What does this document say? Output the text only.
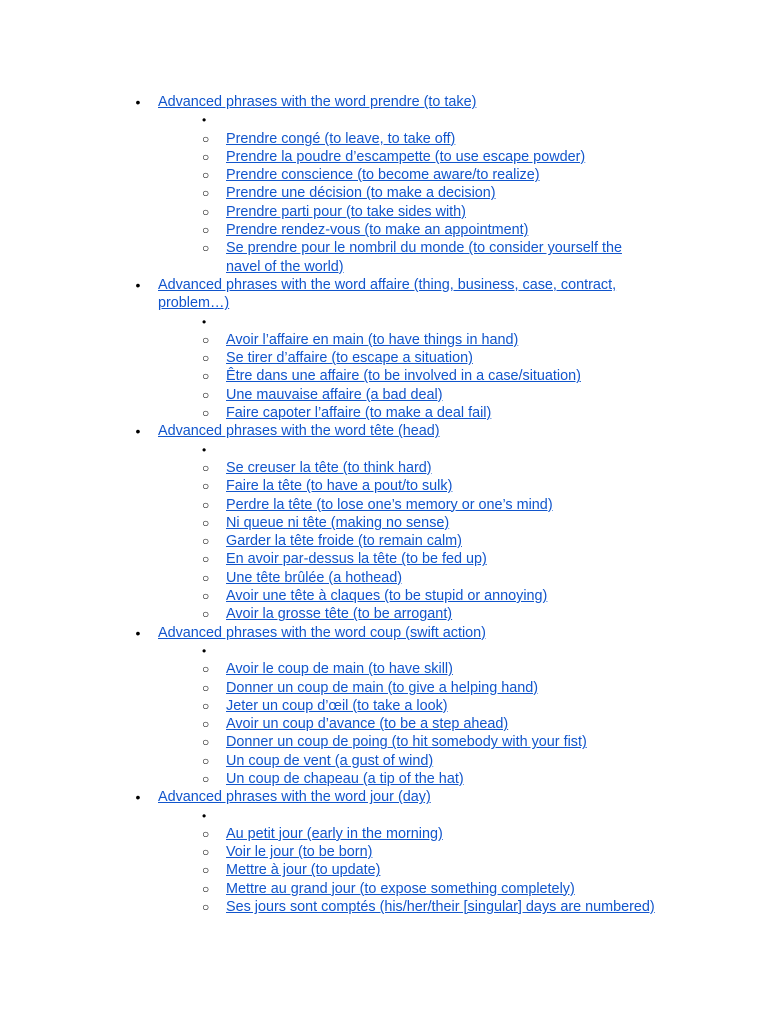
• Advanced phrases with the word prendre (to take)
•
○ Prendre congé (to leave, to take off)
○ Prendre la poudre d’escampette (to use escape powder)
○ Prendre conscience (to become aware/to realize)
○ Prendre une décision (to make a decision)
○ Prendre parti pour (to take sides with)
○ Prendre rendez-vous (to make an appointment)
○ Se prendre pour le nombril du monde (to consider yourself the navel of the world)
• Advanced phrases with the word affaire (thing, business, case, contract, problem…)
•
○ Avoir l’affaire en main (to have things in hand)
○ Se tirer d’affaire (to escape a situation)
○ Être dans une affaire (to be involved in a case/situation)
○ Une mauvaise affaire (a bad deal)
○ Faire capoter l’affaire (to make a deal fail)
• Advanced phrases with the word tête (head)
•
○ Se creuser la tête (to think hard)
○ Faire la tête (to have a pout/to sulk)
○ Perdre la tête (to lose one’s memory or one’s mind)
○ Ni queue ni tête (making no sense)
○ Garder la tête froide (to remain calm)
○ En avoir par-dessus la tête (to be fed up)
○ Une tête brûlée (a hothead)
○ Avoir une tête à claques (to be stupid or annoying)
○ Avoir la grosse tête (to be arrogant)
• Advanced phrases with the word coup (swift action)
•
○ Avoir le coup de main (to have skill)
○ Donner un coup de main (to give a helping hand)
○ Jeter un coup d’œil (to take a look)
○ Avoir un coup d’avance (to be a step ahead)
○ Donner un coup de poing (to hit somebody with your fist)
○ Un coup de vent (a gust of wind)
○ Un coup de chapeau (a tip of the hat)
• Advanced phrases with the word jour (day)
•
○ Au petit jour (early in the morning)
○ Voir le jour (to be born)
○ Mettre à jour (to update)
○ Mettre au grand jour (to expose something completely)
○ Ses jours sont comptés (his/her/their [singular] days are numbered)
